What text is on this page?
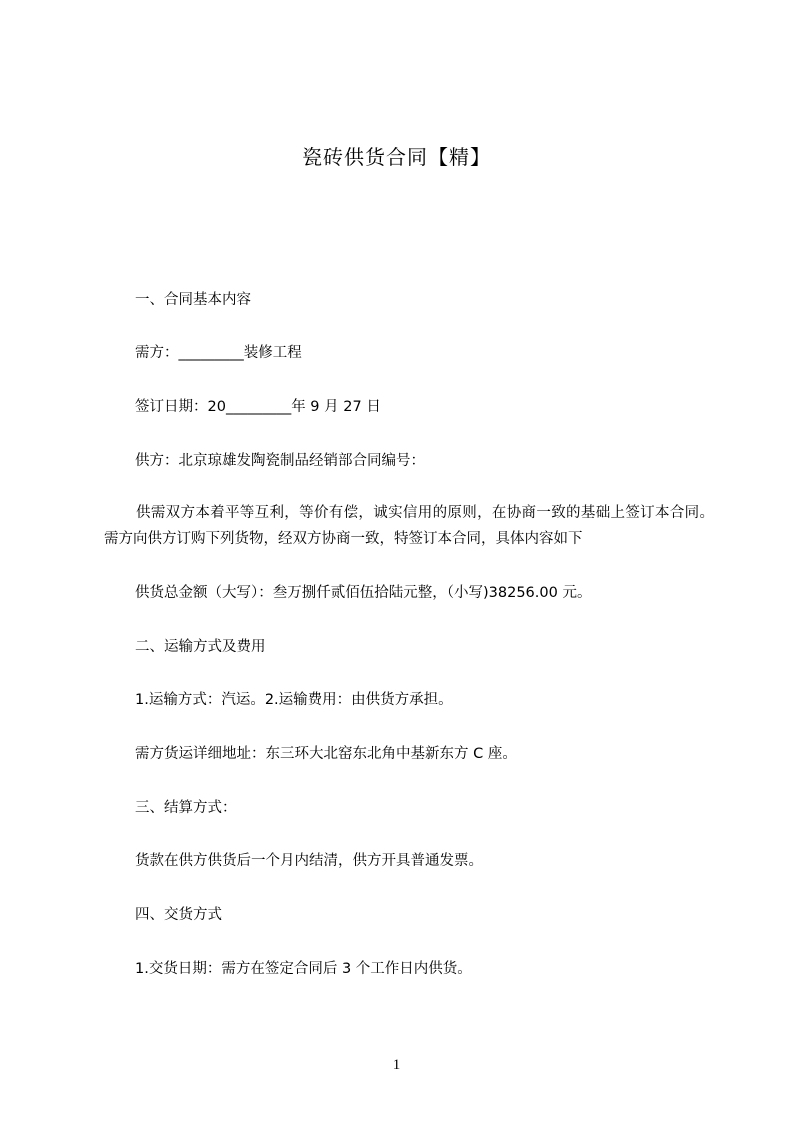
瓷砖供货合同【精】
一、合同基本内容
需方：_________装修工程
签订日期：20_________年 9 月 27 日
供方：北京琼雄发陶瓷制品经销部合同编号：
供需双方本着平等互利，等价有偿，诚实信用的原则，在协商一致的基础上签订本合同。需方向供方订购下列货物，经双方协商一致，特签订本合同，具体内容如下
供货总金额（大写）：叁万捌仟贰佰伍拾陆元整，（小写)38256.00 元。
二、运输方式及费用
1.运输方式：汽运。2.运输费用：由供货方承担。
需方货运详细地址：东三环大北窑东北角中基新东方 C 座。
三、结算方式：
货款在供方供货后一个月内结清，供方开具普通发票。
四、交货方式
1.交货日期：需方在签定合同后 3 个工作日内供货。
1
